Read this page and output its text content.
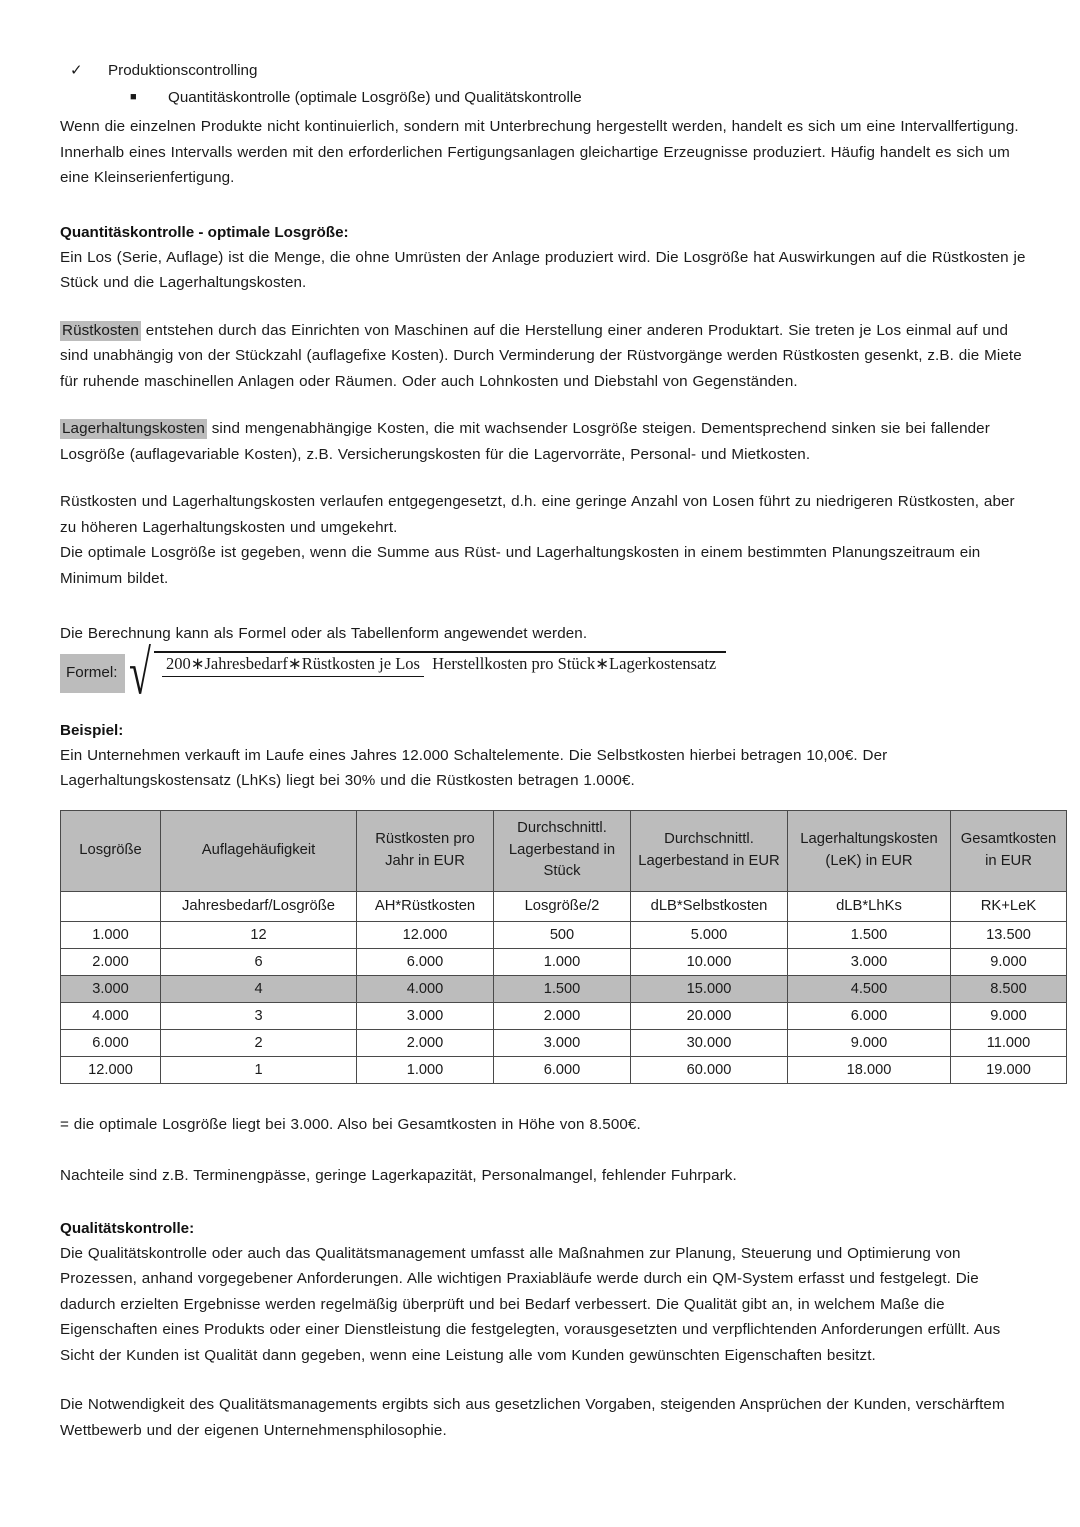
✓	Produktionscontrolling
■	Quantitäskontrolle (optimale Losgröße) und Qualitätskontrolle

Wenn die einzelnen Produkte nicht kontinuierlich, sondern mit Unterbrechung hergestellt werden, handelt es sich um eine Intervallfertigung. Innerhalb eines Intervalls werden mit den erforderlichen Fertigungsanlagen gleichartige Erzeugnisse produziert. Häufig handelt es sich um eine Kleinserienfertigung.

Quantitäskontrolle - optimale Losgröße:

Ein Los (Serie, Auflage) ist die Menge, die ohne Umrüsten der Anlage produziert wird. Die Losgröße hat Auswirkungen auf die Rüstkosten je Stück und die Lagerhaltungskosten.

Rüstkosten entstehen durch das Einrichten von Maschinen auf die Herstellung einer anderen Produktart. Sie treten je Los einmal auf und sind unabhängig von der Stückzahl (auflagefixe Kosten). Durch Verminderung der Rüstvorgänge werden Rüstkosten gesenkt, z.B. die Miete für ruhende maschinellen Anlagen oder Räumen. Oder auch Lohnkosten und Diebstahl von Gegenständen.

Lagerhaltungskosten sind mengenabhängige Kosten, die mit wachsender Losgröße steigen. Dementsprechend sinken sie bei fallender Losgröße (auflagevariable Kosten), z.B. Versicherungskosten für die Lagervorräte, Personal- und Mietkosten.

Rüstkosten und Lagerhaltungskosten verlaufen entgegengesetzt, d.h. eine geringe Anzahl von Losen führt zu niedrigeren Rüstkosten, aber zu höheren Lagerhaltungskosten und umgekehrt.

Die optimale Losgröße ist gegeben, wenn die Summe aus Rüst- und Lagerhaltungskosten in einem bestimmten Planungszeitraum ein Minimum bildet.

Die Berechnung kann als Formel oder als Tabellenform angewendet werden.

Formel: √ 200∗Jahresbedarf∗Rüstkosten je Los Herstellkosten pro Stück∗Lagerkostensatz
Beispiel:

Ein Unternehmen verkauft im Laufe eines Jahres 12.000 Schaltelemente. Die Selbstkosten hierbei betragen 10,00€. Der Lagerhaltungskostensatz (LhKs) liegt bei 30% und die Rüstkosten betragen 1.000€.

Losgröße	Auflagehäufigkeit	Rüstkosten pro Jahr in EUR	Durchschnittl. Lagerbestand in Stück	Durchschnittl. Lagerbestand in EUR	Lagerhaltungskosten (LeK) in EUR	Gesamtkosten in EUR
	Jahresbedarf/Losgröße	AH*Rüstkosten	Losgröße/2	dLB*Selbstkosten	dLB*LhKs	RK+LeK
1.000	12	12.000	500	5.000	1.500	13.500
2.000	6	6.000	1.000	10.000	3.000	9.000
3.000	4	4.000	1.500	15.000	4.500	8.500
4.000	3	3.000	2.000	20.000	6.000	9.000
6.000	2	2.000	3.000	30.000	9.000	11.000
12.000	1	1.000	6.000	60.000	18.000	19.000

= die optimale Losgröße liegt bei 3.000. Also bei Gesamtkosten in Höhe von 8.500€.

Nachteile sind z.B. Terminengpässe, geringe Lagerkapazität, Personalmangel, fehlender Fuhrpark.

Qualitätskontrolle:

Die Qualitätskontrolle oder auch das Qualitätsmanagement umfasst alle Maßnahmen zur Planung, Steuerung und Optimierung von Prozessen, anhand vorgegebener Anforderungen. Alle wichtigen Praxiabläufe werde durch ein QM-System erfasst und festgelegt. Die dadurch erzielten Ergebnisse werden regelmäßig überprüft und bei Bedarf verbessert. Die Qualität gibt an, in welchem Maße die Eigenschaften eines Produkts oder einer Dienstleistung die festgelegten, vorausgesetzten und verpflichtenden Anforderungen erfüllt. Aus Sicht der Kunden ist Qualität dann gegeben, wenn eine Leistung alle vom Kunden gewünschten Eigenschaften besitzt.

Die Notwendigkeit des Qualitätsmanagements ergibts sich aus gesetzlichen Vorgaben, steigenden Ansprüchen der Kunden, verschärftem Wettbewerb und der eigenen Unternehmensphilosophie.
